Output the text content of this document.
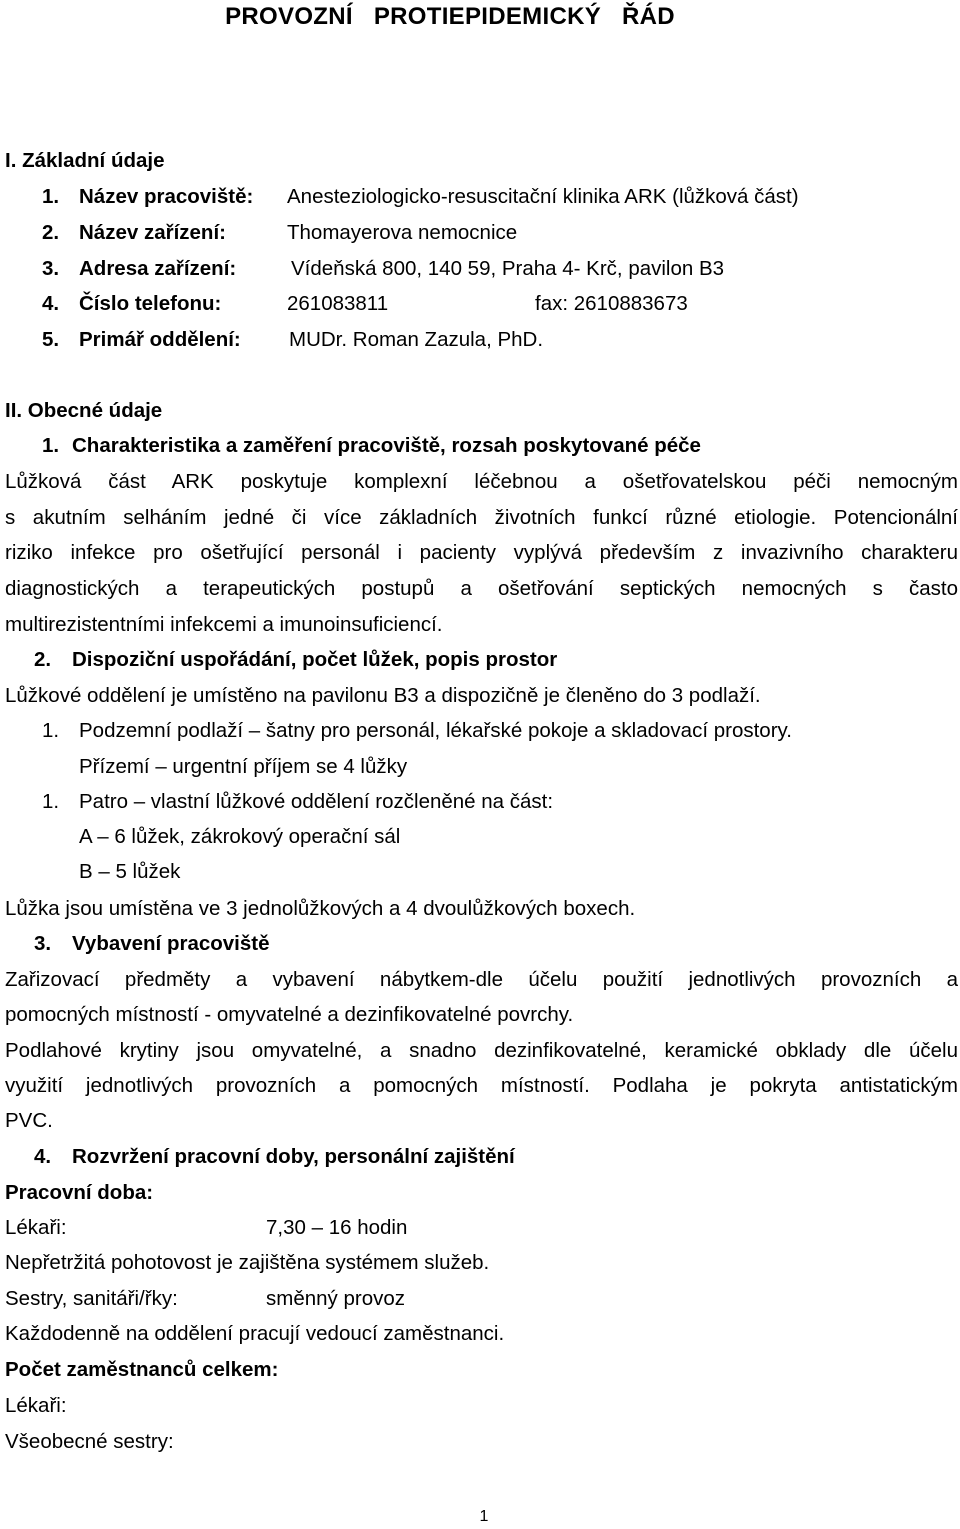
PROVOZNÍ PROTIEPIDEMICKÝ ŘÁD
I. Základní údaje
1. Název pracoviště: Anesteziologicko-resuscitační klinika ARK (lůžková část)
2. Název zařízení:	Thomayerova nemocnice
3. Adresa zařízení:	Vídeňská 800, 140 59, Praha 4- Krč, pavilon B3
4. Číslo telefonu:	261083811	fax: 2610883673
5. Primář oddělení: MUDr. Roman Zazula, PhD.
II. Obecné údaje
1. Charakteristika a zaměření pracoviště, rozsah poskytované péče
Lůžková část ARK poskytuje komplexní léčebnou a ošetřovatelskou péči nemocným
s akutním selháním jedné či více základních životních funkcí různé etiologie. Potencionální
riziko infekce pro ošetřující personál i pacienty vyplývá především z invazivního charakteru
diagnostických a terapeutických postupů a ošetřování septických nemocných s často
multirezistentními infekcemi a imunoinsuficiencí.
2. Dispoziční uspořádání, počet lůžek, popis prostor
Lůžkové oddělení je umístěno na pavilonu B3 a dispozičně je členěno do 3 podlaží.
1. Podzemní podlaží – šatny pro personál, lékařské pokoje a skladovací prostory.
Přízemí – urgentní příjem se 4 lůžky
1. Patro – vlastní lůžkové oddělení rozčleněné na část:
A – 6 lůžek, zákrokový operační sál
B – 5 lůžek
Lůžka jsou umístěna ve 3 jednolůžkových a 4 dvoulůžkových boxech.
3. Vybavení pracoviště
Zařizovací předměty a vybavení nábytkem-dle účelu použití jednotlivých provozních a
pomocných místností - omyvatelné a dezinfikovatelné povrchy.
Podlahové krytiny jsou omyvatelné, a snadno dezinfikovatelné, keramické obklady dle účelu
využití jednotlivých provozních a pomocných místností. Podlaha je pokryta antistatickým
PVC.
4. Rozvržení pracovní doby, personální zajištění
Pracovní doba:
Lékaři:	7,30 – 16 hodin
Nepřetržitá pohotovost je zajištěna systémem služeb.
Sestry, sanitáři/řky:	směnný provoz
Každodenně na oddělení pracují vedoucí zaměstnanci.
Počet zaměstnanců celkem:
Lékaři:
Všeobecné sestry:
1
